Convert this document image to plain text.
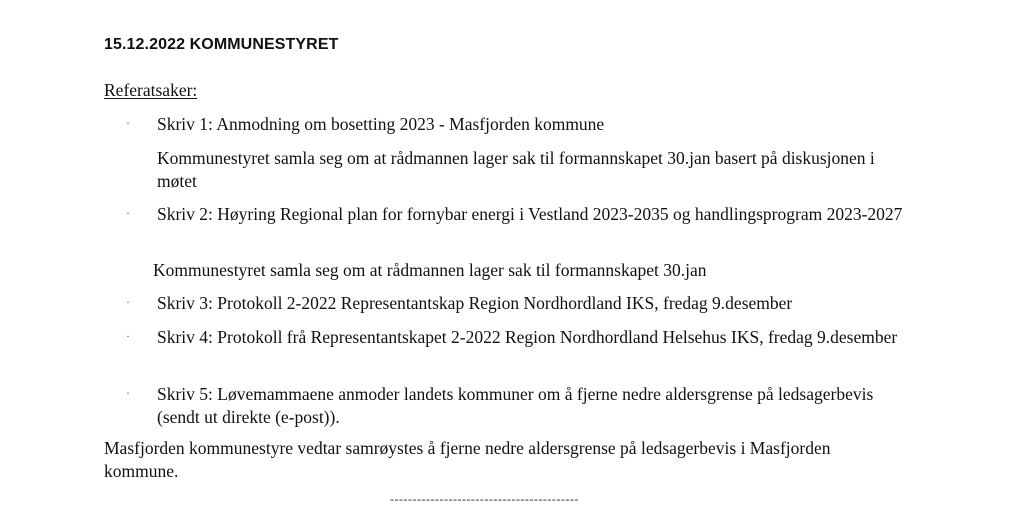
15.12.2022 KOMMUNESTYRET
Referatsaker:
· Skriv 1: Anmodning om bosetting 2023 - Masfjorden kommune
Kommunestyret samla seg om at rådmannen lager sak til formannskapet 30.jan basert på diskusjonen i møtet
· Skriv 2: Høyring Regional plan for fornybar energi i Vestland 2023-2035 og handlingsprogram 2023-2027
Kommunestyret samla seg om at rådmannen lager sak til formannskapet 30.jan
· Skriv 3: Protokoll 2-2022 Representantskap Region Nordhordland IKS, fredag 9.desember
· Skriv 4: Protokoll frå Representantskapet 2-2022 Region Nordhordland Helsehus IKS, fredag 9.desember
· Skriv 5: Løvemammaene anmoder landets kommuner om å fjerne nedre aldersgrense på ledsagerbevis (sendt ut direkte (e-post)).
Masfjorden kommunestyre vedtar samrøystes å fjerne nedre aldersgrense på ledsagerbevis i Masfjorden kommune.
------------------------------------------
